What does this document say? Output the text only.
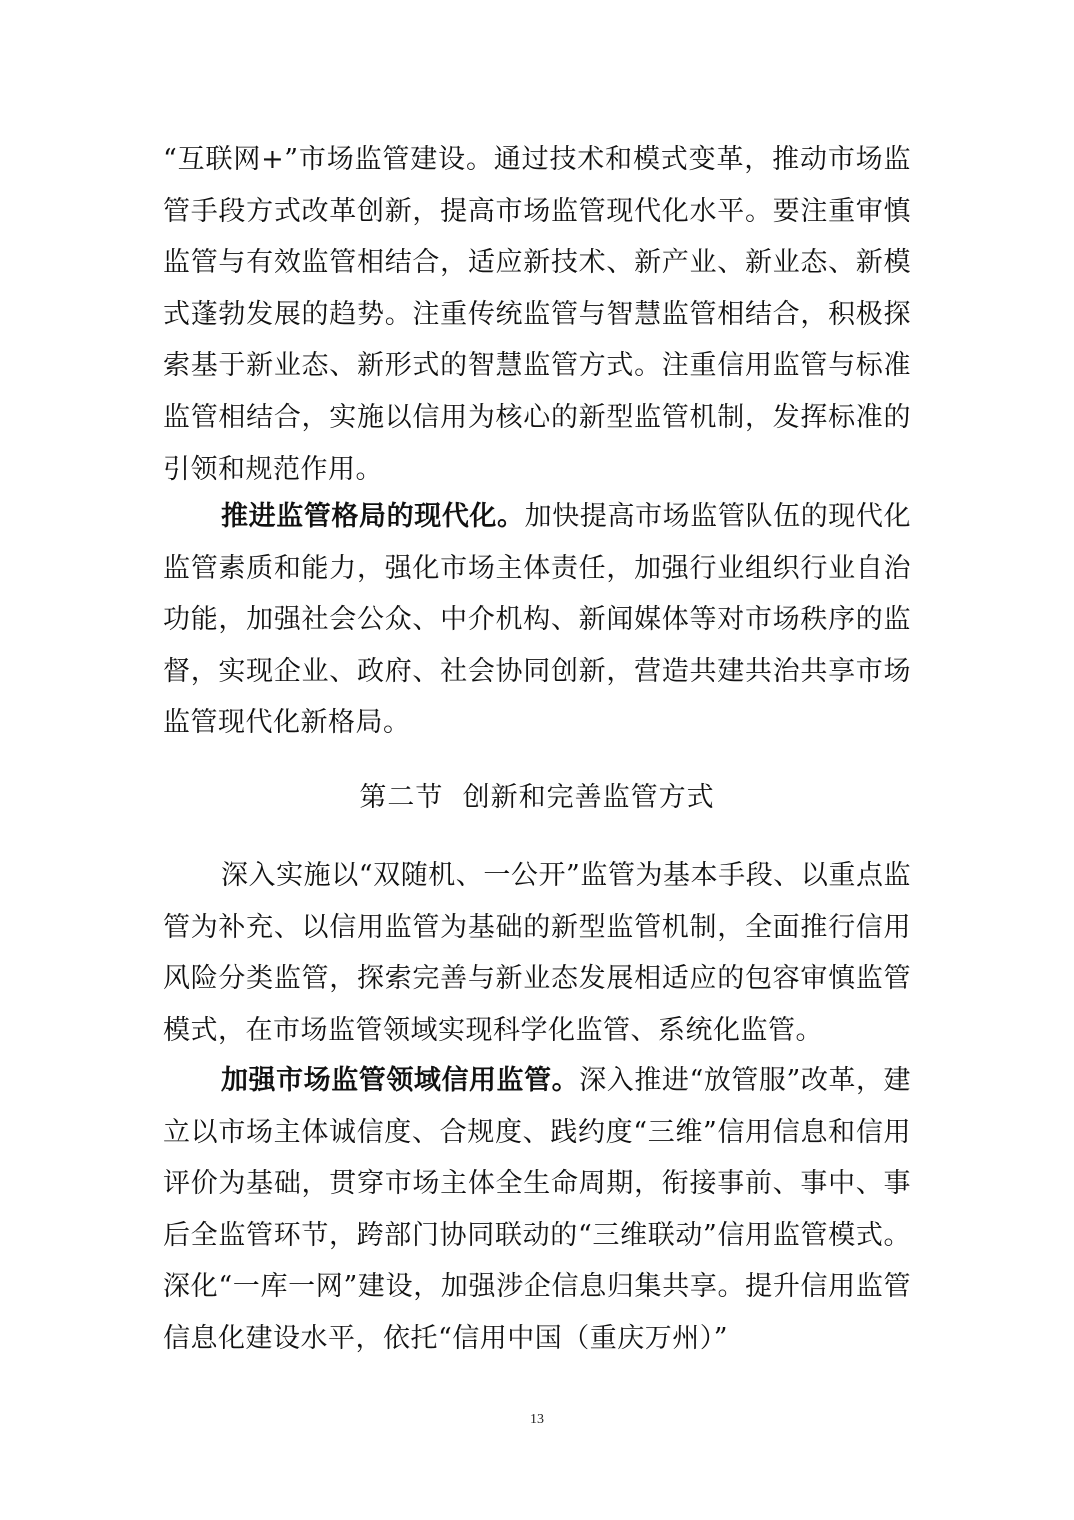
“互联网+”市场监管建设。通过技术和模式变革，推动市场监管手段方式改革创新，提高市场监管现代化水平。要注重审慎监管与有效监管相结合，适应新技术、新产业、新业态、新模式蓬勃发展的趋势。注重传统监管与智慧监管相结合，积极探索基于新业态、新形式的智慧监管方式。注重信用监管与标准监管相结合，实施以信用为核心的新型监管机制，发挥标准的引领和规范作用。

推进监管格局的现代化。加快提高市场监管队伍的现代化监管素质和能力，强化市场主体责任，加强行业组织行业自治功能，加强社会公众、中介机构、新闻媒体等对市场秩序的监督，实现企业、政府、社会协同创新，营造共建共治共享市场监管现代化新格局。

第二节  创新和完善监管方式

深入实施以“双随机、一公开”监管为基本手段、以重点监管为补充、以信用监管为基础的新型监管机制，全面推行信用风险分类监管，探索完善与新业态发展相适应的包容审慎监管模式，在市场监管领域实现科学化监管、系统化监管。

加强市场监管领域信用监管。深入推进“放管服”改革，建立以市场主体诚信度、合规度、践约度“三维”信用信息和信用评价为基础，贯穿市场主体全生命周期，衔接事前、事中、事后全监管环节，跨部门协同联动的“三维联动”信用监管模式。深化“一库一网”建设，加强涉企信息归集共享。提升信用监管信息化建设水平，依托“信用中国（重庆万州）”

13
